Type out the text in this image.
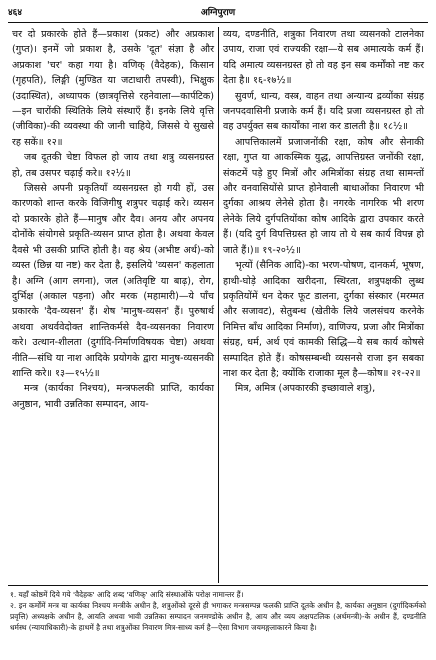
४६४	अग्निपुराण

चर दो प्रकारके होते हैं—प्रकाश (प्रकट) और अप्रकाश (गुप्त)। इनमें जो प्रकाश है, उसके 'दूत' संज्ञा है और अप्रकाश 'चर' कहा गया है। वणिक् (वैदेहक), किसान (गृहपति), लिङ्गी (मुण्डित या जटाधारी तपस्वी), भिक्षुक (उदास्थित), अध्यापक (छात्रवृत्तिसे रहनेवाला—कार्पटिक)—इन चारोंकी स्थितिके लिये संस्थाएँ हैं। इनके लिये वृत्ति (जीविका)-की व्यवस्था की जानी चाहिये, जिससे ये सुखसे रह सकें॥ १२॥

जब दूतकी चेष्टा विफल हो जाय तथा शत्रु व्यसनग्रस्त हो, तब उसपर चढ़ाई करे॥ १२½॥

जिससे अपनी प्रकृतियाँ व्यसनग्रस्त हो गयी हों, उस कारणको शान्त करके विजिगीषु शत्रुपर चढ़ाई करे। व्यसन दो प्रकारके होते हैं—मानुष और दैव। अनय और अपनय दोनोंके संयोगसे प्रकृति-व्यसन प्राप्त होता है। अथवा केवल दैवसे भी उसकी प्राप्ति होती है। वह श्रेय (अभीष्ट अर्थ)-को व्यस्त (छिन्न या नष्ट) कर देता है, इसलिये 'व्यसन' कहलाता है। अग्नि (आग लगना), जल (अतिवृष्टि या बाढ़), रोग, दुर्भिक्ष (अकाल पड़ना) और मरक (महामारी)—ये पाँच प्रकारके 'दैव-व्यसन' हैं। शेष 'मानुष-व्यसन' हैं। पुरुषार्थ अथवा अथर्ववेदोक्त शान्तिकर्मसे दैव-व्यसनका निवारण करे। उत्थान-शीलता (दुर्गादि-निर्माणविषयक चेष्टा) अथवा नीति—संधि या नाश आदिके प्रयोगके द्वारा मानुष-व्यसनकी शान्ति करे॥ १३—१५½॥

मन्त्र (कार्यका निश्चय), मन्त्रफलकी प्राप्ति, कार्यका अनुष्ठान, भावी उन्नतिका सम्पादन, आय-

व्यय, दण्डनीति, शत्रुका निवारण तथा व्यसनको टालनेका उपाय, राजा एवं राज्यकी रक्षा—ये सब अमात्यके कर्म हैं। यदि अमात्य व्यसनग्रस्त हो तो वह इन सब कर्मोंको नष्ट कर देता है॥ १६-१७½॥

सुवर्ण, धान्य, वस्त्र, वाहन तथा अन्यान्य द्रव्योंका संग्रह जनपदवासिनी प्रजाके कर्म हैं। यदि प्रजा व्यसनग्रस्त हो तो वह उपर्युक्त सब कार्योंका नाश कर डालती है॥ १८½॥

आपत्तिकालमें प्रजाजनोंकी रक्षा, कोष और सेनाकी रक्षा, गुप्त या आकस्मिक युद्ध, आपत्तिग्रस्त जनोंकी रक्षा, संकटमें पड़े हुए मित्रों और अमित्रोंका संग्रह तथा सामन्तों और वनवासियोंसे प्राप्त होनेवाली बाधाओंका निवारण भी दुर्गका आश्रय लेनेसे होता है। नगरके नागरिक भी शरण लेनेके लिये दुर्गपतियोंका कोष आदिके द्वारा उपकार करते हैं। (यदि दुर्ग विपत्तिग्रस्त हो जाय तो ये सब कार्य विपन्न हो जाते हैं।)॥ १९-२०½॥

भृत्यों (सैनिक आदि)-का भरण-पोषण, दानकर्म, भूषण, हाथी-घोड़े आदिका खरीदना, स्थिरता, शत्रुपक्षकी लुब्ध प्रकृतियोंमें धन देकर फूट डालना, दुर्गका संस्कार (मरम्मत और सजावट), सेतुबन्ध (खेतीके लिये जलसंचय करनेके निमित्त बाँध आदिका निर्माण), वाणिज्य, प्रजा और मित्रोंका संग्रह, धर्म, अर्थ एवं कामकी सिद्धि—ये सब कार्य कोषसे सम्पादित होते हैं। कोषसम्बन्धी व्यसनसे राजा इन सबका नाश कर देता है; क्योंकि राजाका मूल है—कोष॥ २१-२२॥

मित्र, अमित्र (अपकारकी इच्छावाले शत्रु),

१. यहाँ कोष्ठमें दिये गये 'वैदेहक' आदि शब्द 'वणिक्' आदि संस्थाओंके परोक्ष नामान्तर हैं।
२. इन कर्मोंमें मन्त्र या कार्यका निश्चय मन्त्रीके अधीन है, शत्रुओंको दूरसे ही भगाकर मन्त्रसम्पन्न फलकी प्राप्ति दूतके अधीन है, कार्यका अनुष्ठान (दुर्गादिकर्मको प्रवृत्ति) अध्यक्षके अधीन है, आयति अथवा भावी उन्नतिका सम्पादन जनमण्डोके अधीन है, आय और व्यय अक्षपटलिक (अर्थमन्त्री)-के अधीन हैं, दण्डनीति धर्मस्थ (न्यायाधिकारी)-के हाथमें है तथा शत्रुओंका निवारण मित्र-साध्य कर्म है—ऐसा विभाग जयमङ्गलाकारने किया है।
